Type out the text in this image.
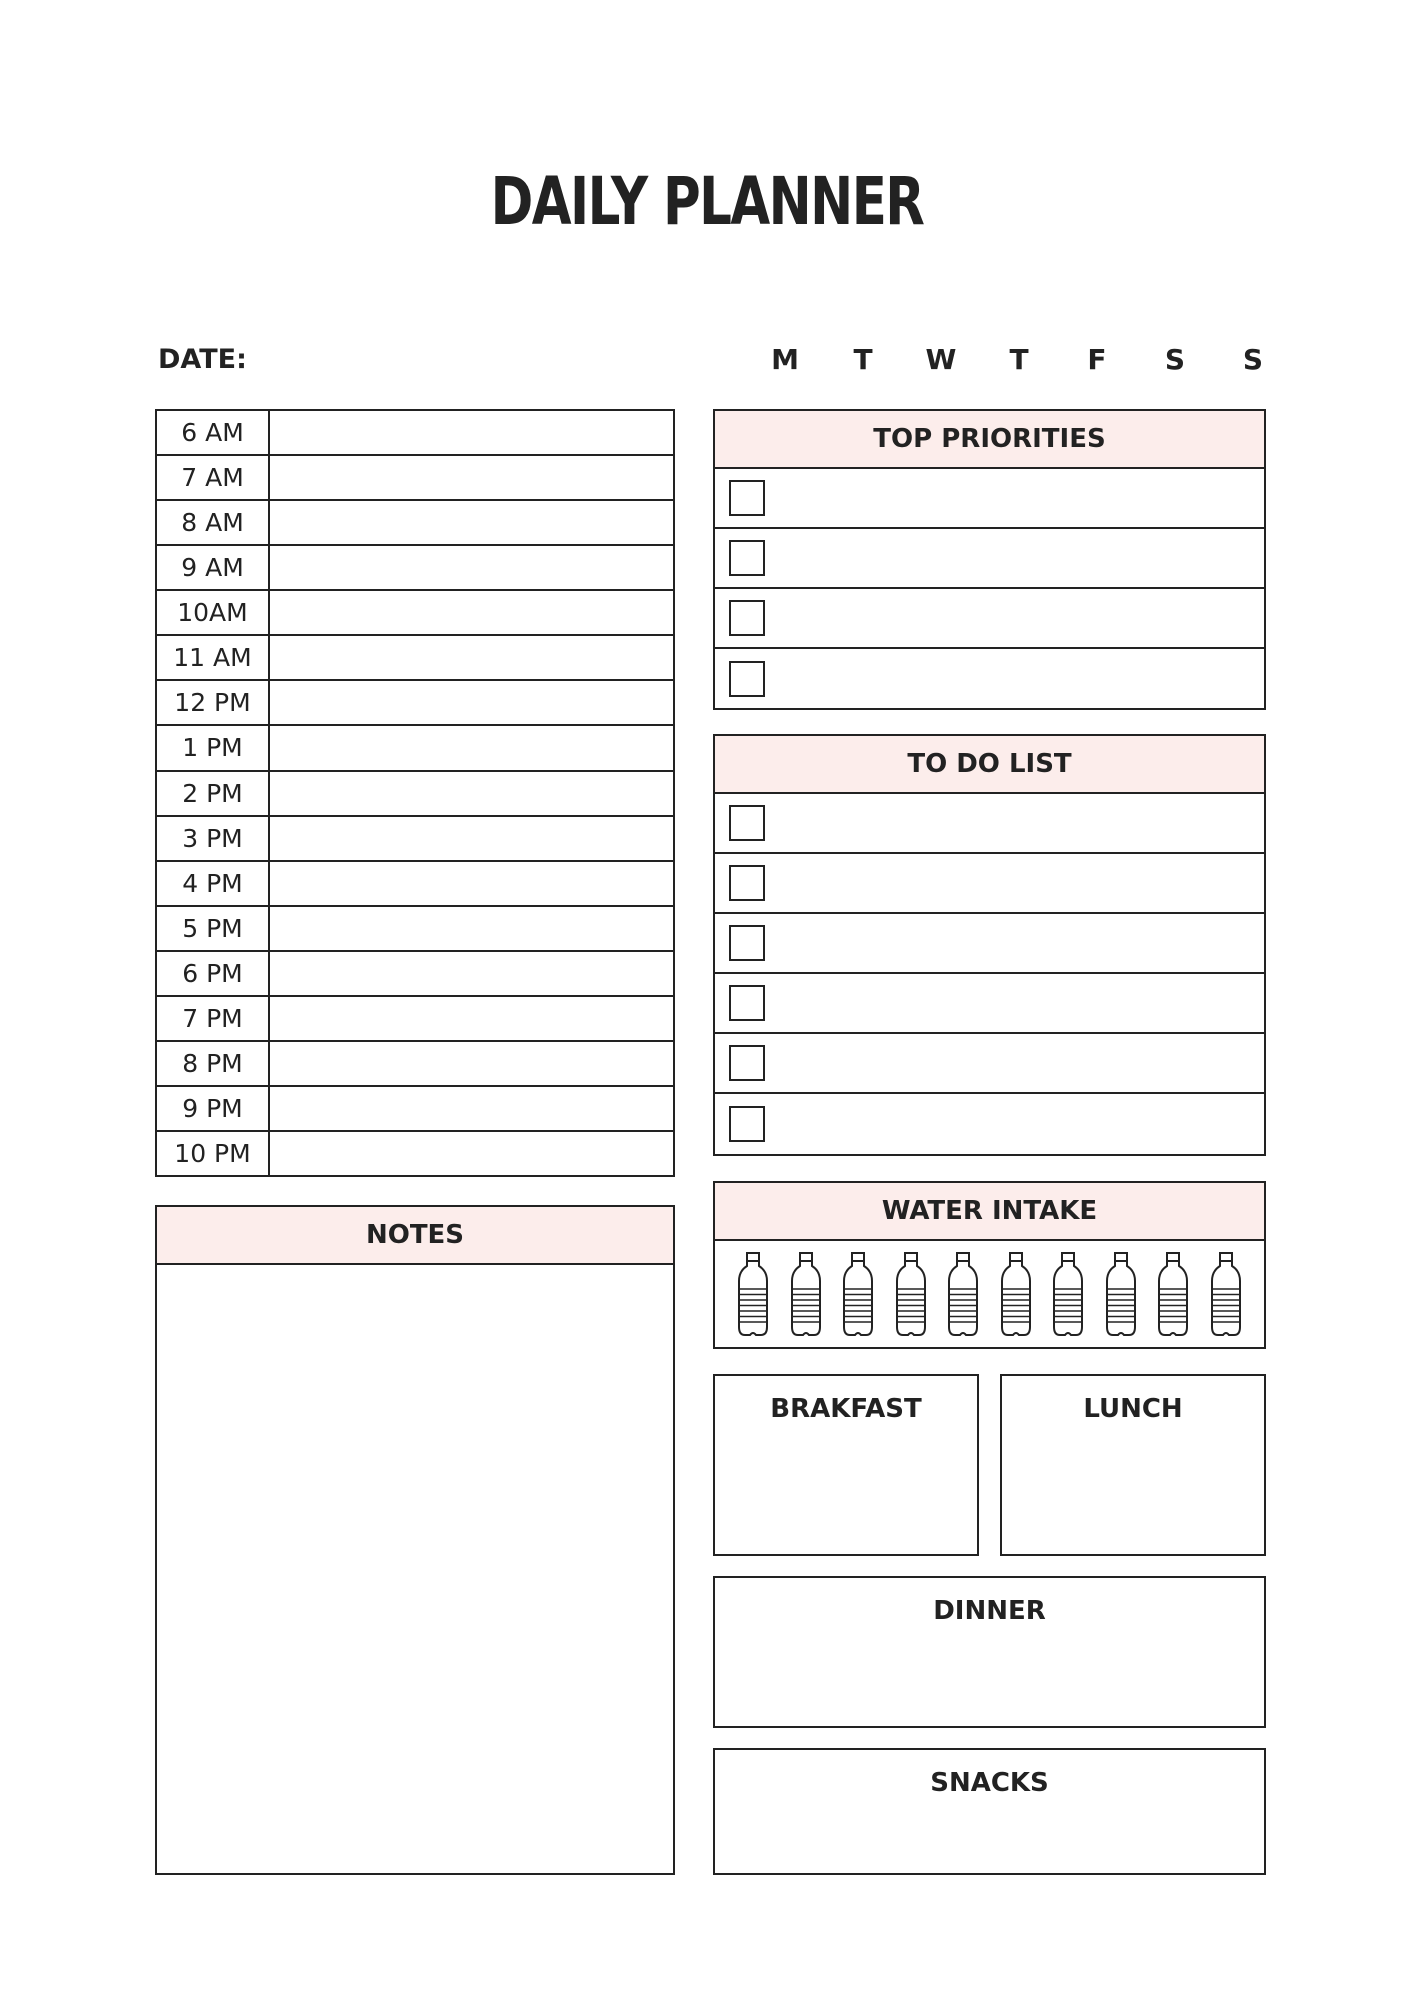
DAILY PLANNER
DATE:	M	T	W	T	F	S	S
6 AM
7 AM
8 AM
9 AM
10AM
11 AM
12 PM
1 PM
2 PM
3 PM
4 PM
5 PM
6 PM
7 PM
8 PM
9 PM
10 PM
TOP PRIORITIES
TO DO LIST
WATER INTAKE
NOTES
BRAKFAST	LUNCH
DINNER
SNACKS
